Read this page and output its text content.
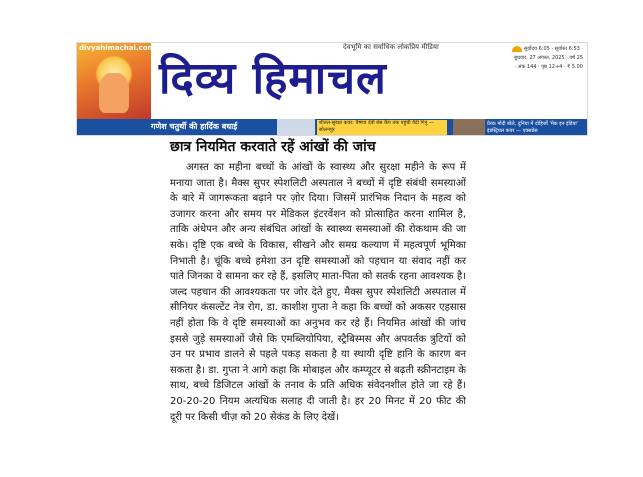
divyahimachal.com
दिव्य हिमाचल
देवभूमि का सर्वाधिक लोकप्रिय मीडिया	सूर्योदय 6:05 · सूर्यास्त 6:53 · बुधवार, 27 अगस्त, 2025 · वर्ष 25 · अंक 144 · पृष्ठ 12+4 · ₹ 5.00
गणेश चतुर्थी की हार्दिक बधाई	शीतल-सुरक्षा कवर: वैष्णव देवी बेस कैंप तक पहुंची वैदी गिनु — सोलनपुर
प्रेरक मोदी बोले, दुनिया में दोहिर्जो 'मेक इन इंडिया' इंडस्ट्रियल कवर — एक्सप्रेस
छात्र नियमित करवाते रहें आंखों की जांच
अगस्त का महीना बच्चों के आंखों के स्वास्थ्य और सुरक्षा महीने के रूप में मनाया जाता है। मैक्स सुपर स्पेशलिटी अस्पताल ने बच्चों में दृष्टि संबंधी समस्याओं के बारे में जागरूकता बढ़ाने पर ज़ोर दिया। जिसमें प्रारंभिक निदान के महत्व को उजागर करना और समय पर मेडिकल इंटरवेंशन को प्रोत्साहित करना शामिल है, ताकि अंधेपन और अन्य संबंधित आंखों के स्वास्थ्य समस्याओं की रोकथाम की जा सके। दृष्टि एक बच्चे के विकास, सीखने और समग्र कल्याण में महत्वपूर्ण भूमिका निभाती है। चूंकि बच्चे हमेशा उन दृष्टि समस्याओं को पहचान या संवाद नहीं कर पाते जिनका वे सामना कर रहे हैं, इसलिए माता-पिता को सतर्क रहना आवश्यक है। जल्द पहचान की आवश्यकता पर जोर देते हुए, मैक्स सुपर स्पेशलिटी अस्पताल में सीनियर कंसल्टेंट नेत्र रोग, डा. काशीश गुप्ता ने कहा कि बच्चों को अकसर एहसास नहीं होता कि वे दृष्टि समस्याओं का अनुभव कर रहे हैं। नियमित आंखों की जांच इससे जुड़े समस्याओं जैसे कि एमब्लियोपिया, स्ट्रैबिस्मस और अपवर्तक त्रुटियों को उन पर प्रभाव डालने से पहले पकड़ सकता है या स्थायी दृष्टि हानि के कारण बन सकता है। डा. गुप्ता ने आगे कहा कि मोबाइल और कम्प्यूटर से बढ़ती स्क्रीनटाइम के साथ, बच्चे डिजिटल आंखों के तनाव के प्रति अधिक संवेदनशील होते जा रहे हैं। 20-20-20 नियम अत्यधिक सलाह दी जाती है। हर 20 मिनट में 20 फीट की दूरी पर किसी चीज़ को 20 सेकंड के लिए देखें।
